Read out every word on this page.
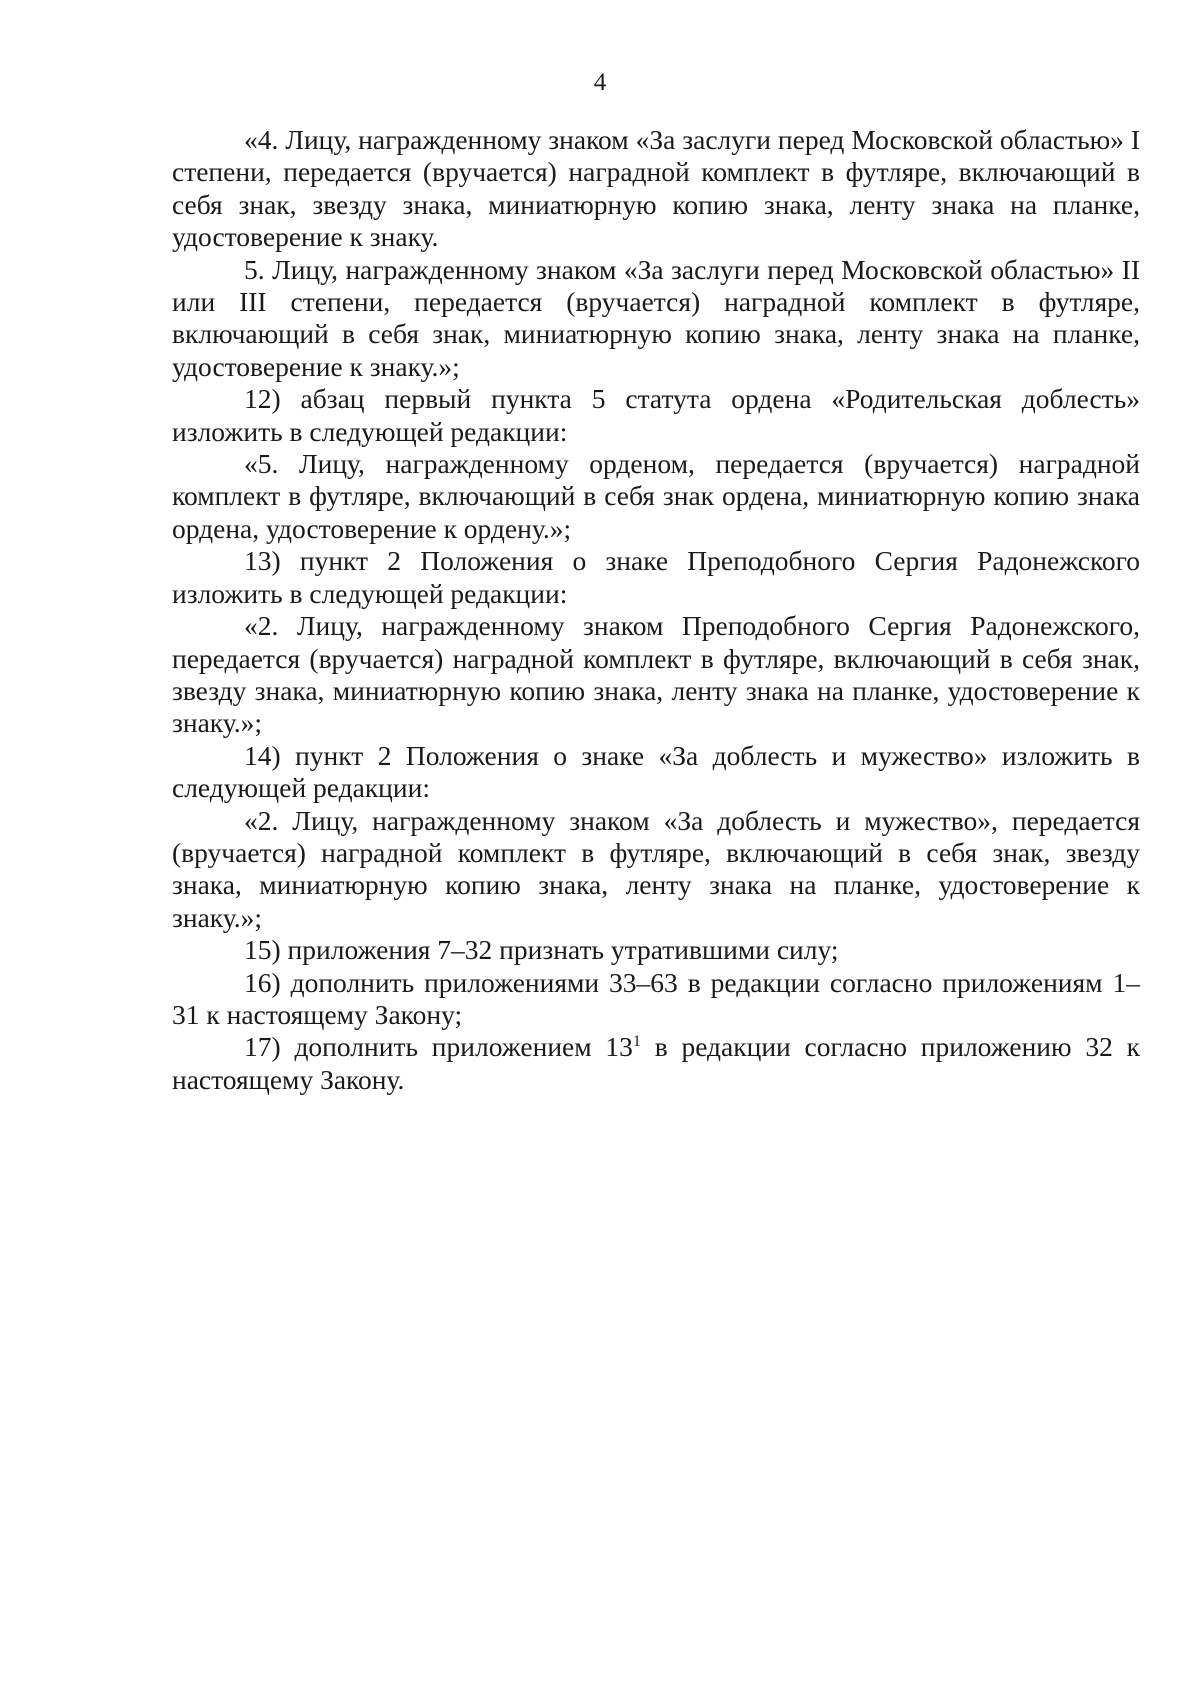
4

«4. Лицу, награжденному знаком «За заслуги перед Московской областью» I степени, передается (вручается) наградной комплект в футляре, включающий в себя знак, звезду знака, миниатюрную копию знака, ленту знака на планке, удостоверение к знаку.

5. Лицу, награжденному знаком «За заслуги перед Московской областью» II или III степени, передается (вручается) наградной комплект в футляре, включающий в себя знак, миниатюрную копию знака, ленту знака на планке, удостоверение к знаку.»;

12) абзац первый пункта 5 статута ордена «Родительская доблесть» изложить в следующей редакции:

«5. Лицу, награжденному орденом, передается (вручается) наградной комплект в футляре, включающий в себя знак ордена, миниатюрную копию знака ордена, удостоверение к ордену.»;

13) пункт 2 Положения о знаке Преподобного Сергия Радонежского изложить в следующей редакции:

«2. Лицу, награжденному знаком Преподобного Сергия Радонежского, передается (вручается) наградной комплект в футляре, включающий в себя знак, звезду знака, миниатюрную копию знака, ленту знака на планке, удостоверение к знаку.»;

14) пункт 2 Положения о знаке «За доблесть и мужество» изложить в следующей редакции:

«2. Лицу, награжденному знаком «За доблесть и мужество», передается (вручается) наградной комплект в футляре, включающий в себя знак, звезду знака, миниатюрную копию знака, ленту знака на планке, удостоверение к знаку.»;

15) приложения 7–32 признать утратившими силу;

16) дополнить приложениями 33–63 в редакции согласно приложениям 1–31 к настоящему Закону;

17) дополнить приложением $13^1$ в редакции согласно приложению 32 к настоящему Закону.
